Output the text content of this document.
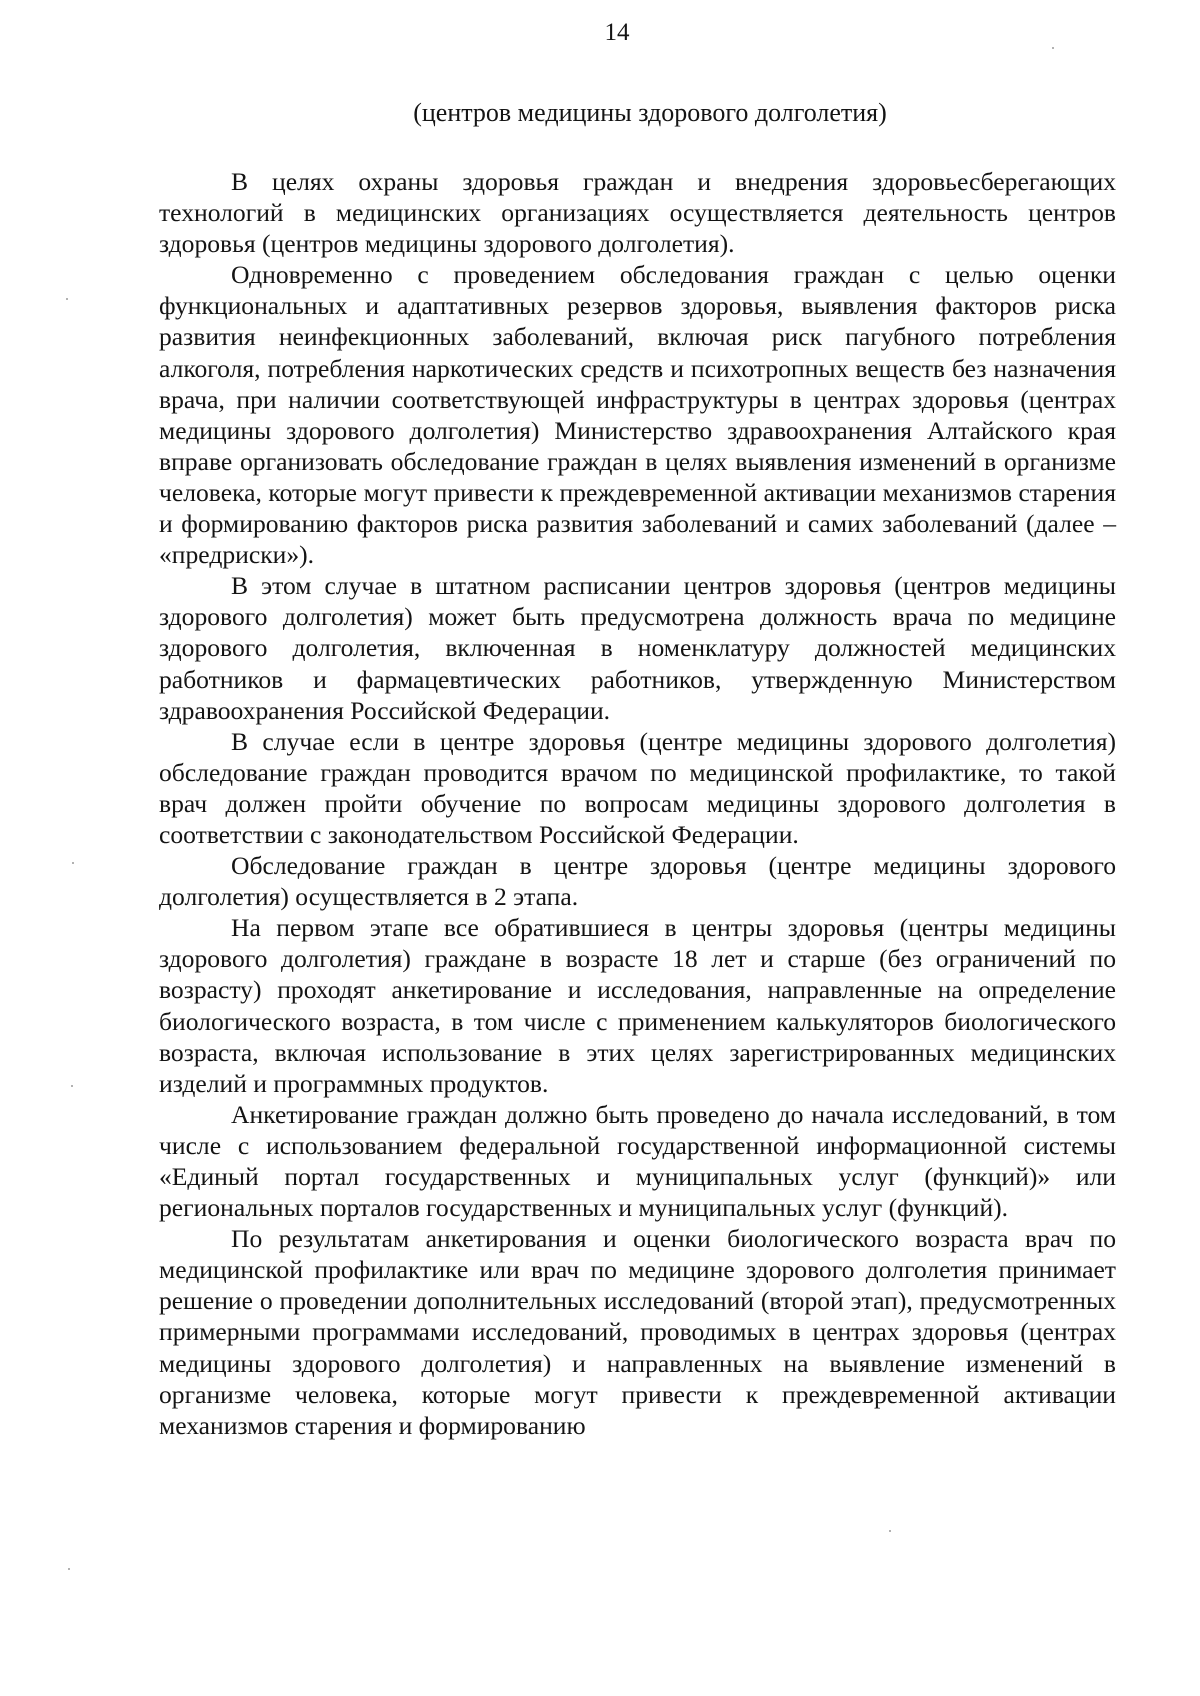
14

(центров медицины здорового долголетия)

В целях охраны здоровья граждан и внедрения здоровьесберегающих технологий в медицинских организациях осуществляется деятельность центров здоровья (центров медицины здорового долголетия).

Одновременно с проведением обследования граждан с целью оценки функциональных и адаптативных резервов здоровья, выявления факторов риска развития неинфекционных заболеваний, включая риск пагубного потребления алкоголя, потребления наркотических средств и психотропных веществ без назначения врача, при наличии соответствующей инфраструктуры в центрах здоровья (центрах медицины здорового долголетия) Министерство здравоохранения Алтайского края вправе организовать обследование граждан в целях выявления изменений в организме человека, которые могут привести к преждевременной активации механизмов старения и формированию факторов риска развития заболеваний и самих заболеваний (далее – «предриски»).

В этом случае в штатном расписании центров здоровья (центров медицины здорового долголетия) может быть предусмотрена должность врача по медицине здорового долголетия, включенная в номенклатуру должностей медицинских работников и фармацевтических работников, утвержденную Министерством здравоохранения Российской Федерации.

В случае если в центре здоровья (центре медицины здорового долголетия) обследование граждан проводится врачом по медицинской профилактике, то такой врач должен пройти обучение по вопросам медицины здорового долголетия в соответствии с законодательством Российской Федерации.

Обследование граждан в центре здоровья (центре медицины здорового долголетия) осуществляется в 2 этапа.

На первом этапе все обратившиеся в центры здоровья (центры медицины здорового долголетия) граждане в возрасте 18 лет и старше (без ограничений по возрасту) проходят анкетирование и исследования, направленные на определение биологического возраста, в том числе с применением калькуляторов биологического возраста, включая использование в этих целях зарегистрированных медицинских изделий и программных продуктов.

Анкетирование граждан должно быть проведено до начала исследований, в том числе с использованием федеральной государственной информационной системы «Единый портал государственных и муниципальных услуг (функций)» или региональных порталов государственных и муниципальных услуг (функций).

По результатам анкетирования и оценки биологического возраста врач по медицинской профилактике или врач по медицине здорового долголетия принимает решение о проведении дополнительных исследований (второй этап), предусмотренных примерными программами исследований, проводимых в центрах здоровья (центрах медицины здорового долголетия) и направленных на выявление изменений в организме человека, которые могут привести к преждевременной активации механизмов старения и формированию
